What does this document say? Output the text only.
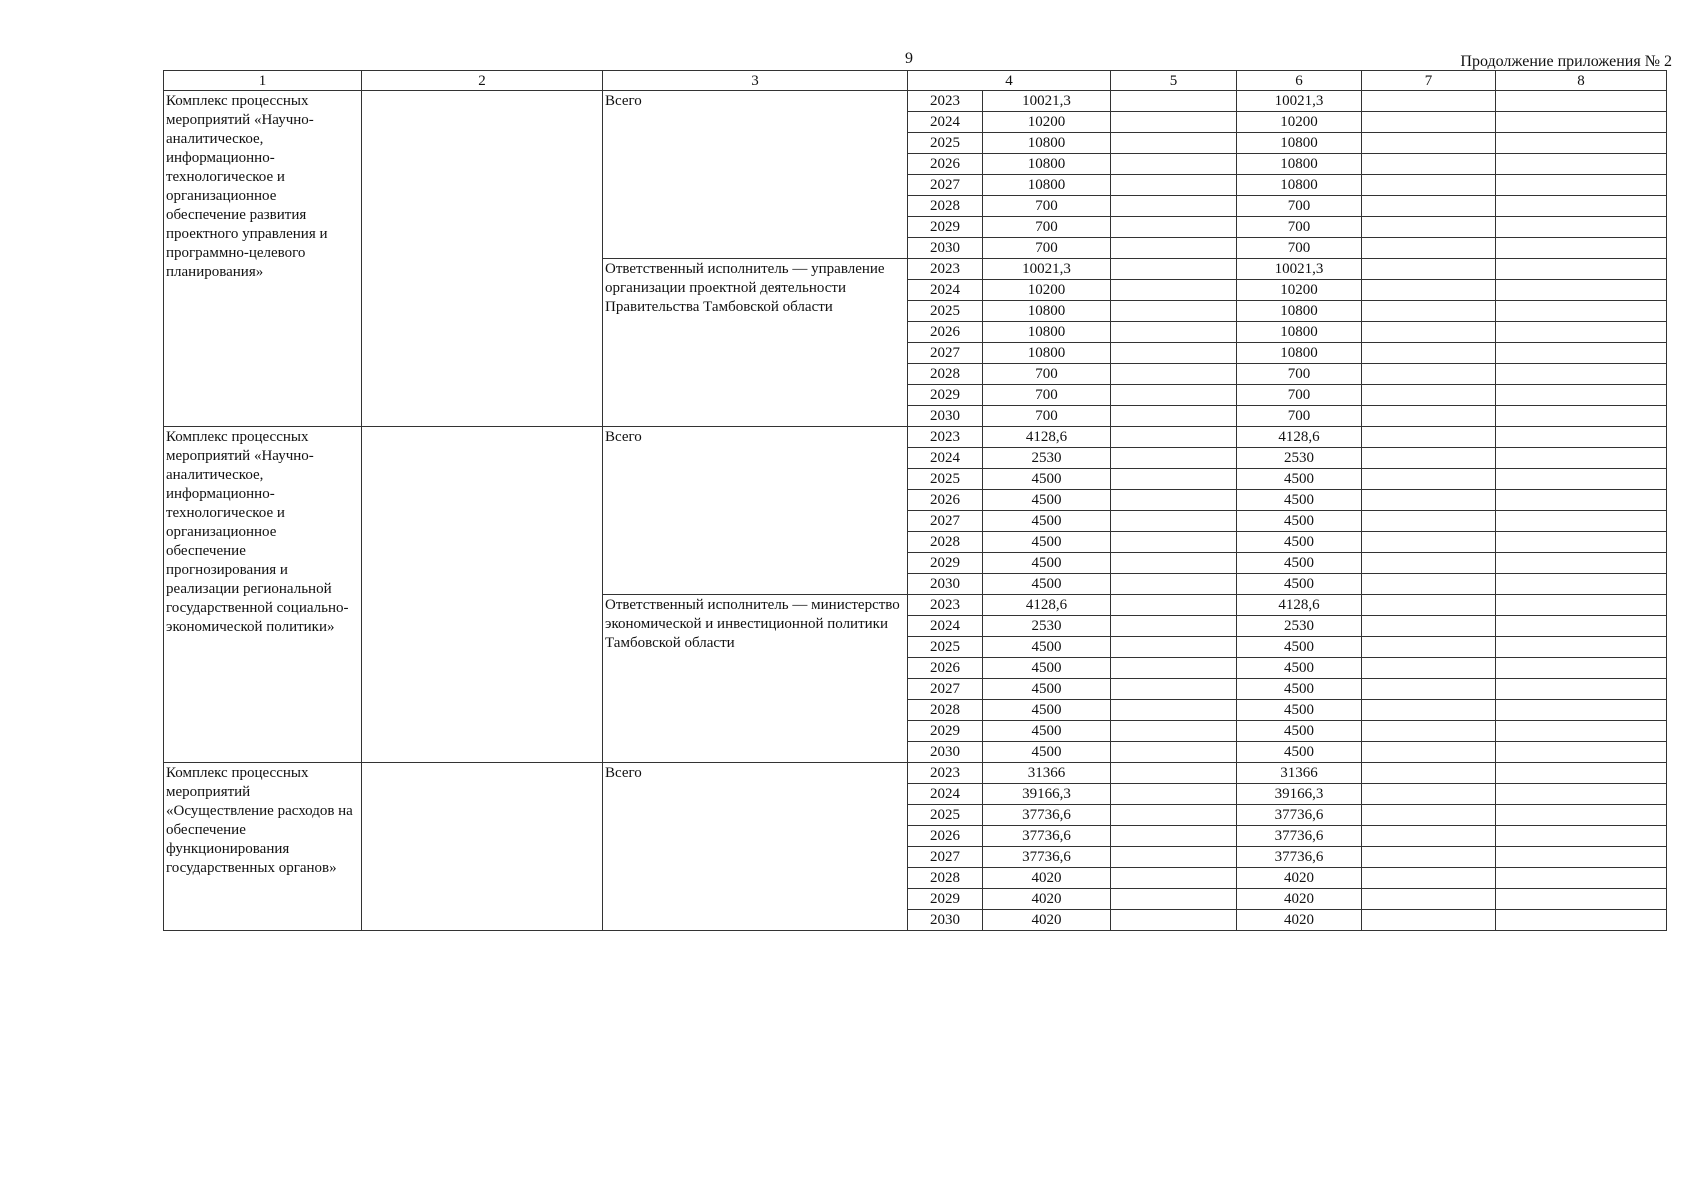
9	Продолжение приложения № 2
1	2	3	4		5	6	7	8
Комплекс процессных мероприятий «Научно-аналитическое, информационно-технологическое и организационное обеспечение развития проектного управления и программно-целевого планирования»		Всего	2023	10021,3		10021,3		
			2024	10200		10200		
			2025	10800		10800		
			2026	10800		10800		
			2027	10800		10800		
			2028	700		700		
			2029	700		700		
			2030	700		700		
		Ответственный исполнитель — управление организации проектной деятельности Правительства Тамбовской области	2023	10021,3		10021,3		
			2024	10200		10200		
			2025	10800		10800		
			2026	10800		10800		
			2027	10800		10800		
			2028	700		700		
			2029	700		700		
			2030	700		700		
Комплекс процессных мероприятий «Научно-аналитическое, информационно-технологическое и организационное обеспечение прогнозирования и реализации региональной государственной социально-экономической политики»		Всего	2023	4128,6		4128,6		
			2024	2530		2530		
			2025	4500		4500		
			2026	4500		4500		
			2027	4500		4500		
			2028	4500		4500		
			2029	4500		4500		
			2030	4500		4500		
		Ответственный исполнитель — министерство экономической и инвестиционной политики Тамбовской области	2023	4128,6		4128,6		
			2024	2530		2530		
			2025	4500		4500		
			2026	4500		4500		
			2027	4500		4500		
			2028	4500		4500		
			2029	4500		4500		
			2030	4500		4500		
Комплекс процессных мероприятий «Осуществление расходов на обеспечение функционирования государственных органов»		Всего	2023	31366		31366		
			2024	39166,3		39166,3		
			2025	37736,6		37736,6		
			2026	37736,6		37736,6		
			2027	37736,6		37736,6		
			2028	4020		4020		
			2029	4020		4020		
			2030	4020		4020		
